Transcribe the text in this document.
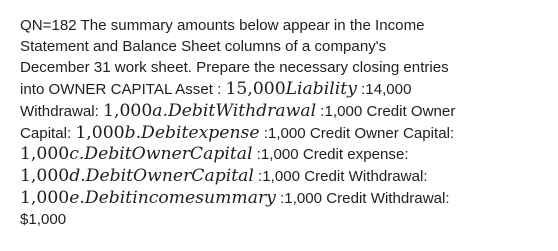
QN=182 The summary amounts below appear in the Income
Statement and Balance Sheet columns of a company's
December 31 work sheet. Prepare the necessary closing entries
into OWNER CAPITAL Asset : 15,000Liability :14,000
Withdrawal: 1,000a.DebitWithdrawal :1,000 Credit Owner
Capital: 1,000b.Debitexpense :1,000 Credit Owner Capital:
1,000c.DebitOwnerCapital :1,000 Credit expense:
1,000d.DebitOwnerCapital :1,000 Credit Withdrawal:
1,000e.Debitincomesummary :1,000 Credit Withdrawal:
$1,000
